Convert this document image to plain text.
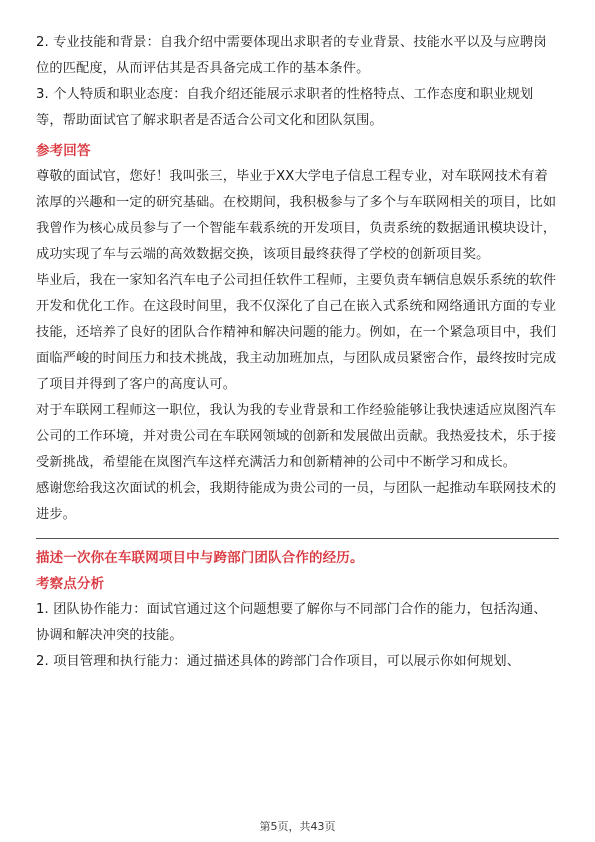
2. 专业技能和背景：自我介绍中需要体现出求职者的专业背景、技能水平以及与应聘岗位的匹配度，从而评估其是否具备完成工作的基本条件。

3. 个人特质和职业态度：自我介绍还能展示求职者的性格特点、工作态度和职业规划等，帮助面试官了解求职者是否适合公司文化和团队氛围。

参考回答

尊敬的面试官，您好！我叫张三，毕业于XX大学电子信息工程专业，对车联网技术有着浓厚的兴趣和一定的研究基础。在校期间，我积极参与了多个与车联网相关的项目，比如我曾作为核心成员参与了一个智能车载系统的开发项目，负责系统的数据通讯模块设计，成功实现了车与云端的高效数据交换，该项目最终获得了学校的创新项目奖。

毕业后，我在一家知名汽车电子公司担任软件工程师，主要负责车辆信息娱乐系统的软件开发和优化工作。在这段时间里，我不仅深化了自己在嵌入式系统和网络通讯方面的专业技能，还培养了良好的团队合作精神和解决问题的能力。例如，在一个紧急项目中，我们面临严峻的时间压力和技术挑战，我主动加班加点，与团队成员紧密合作，最终按时完成了项目并得到了客户的高度认可。

对于车联网工程师这一职位，我认为我的专业背景和工作经验能够让我快速适应岚图汽车公司的工作环境，并对贵公司在车联网领域的创新和发展做出贡献。我热爱技术，乐于接受新挑战，希望能在岚图汽车这样充满活力和创新精神的公司中不断学习和成长。

感谢您给我这次面试的机会，我期待能成为贵公司的一员，与团队一起推动车联网技术的进步。

描述一次你在车联网项目中与跨部门团队合作的经历。

考察点分析

1. 团队协作能力：面试官通过这个问题想要了解你与不同部门合作的能力，包括沟通、协调和解决冲突的技能。

2. 项目管理和执行能力：通过描述具体的跨部门合作项目，可以展示你如何规划、

第5页，共43页
